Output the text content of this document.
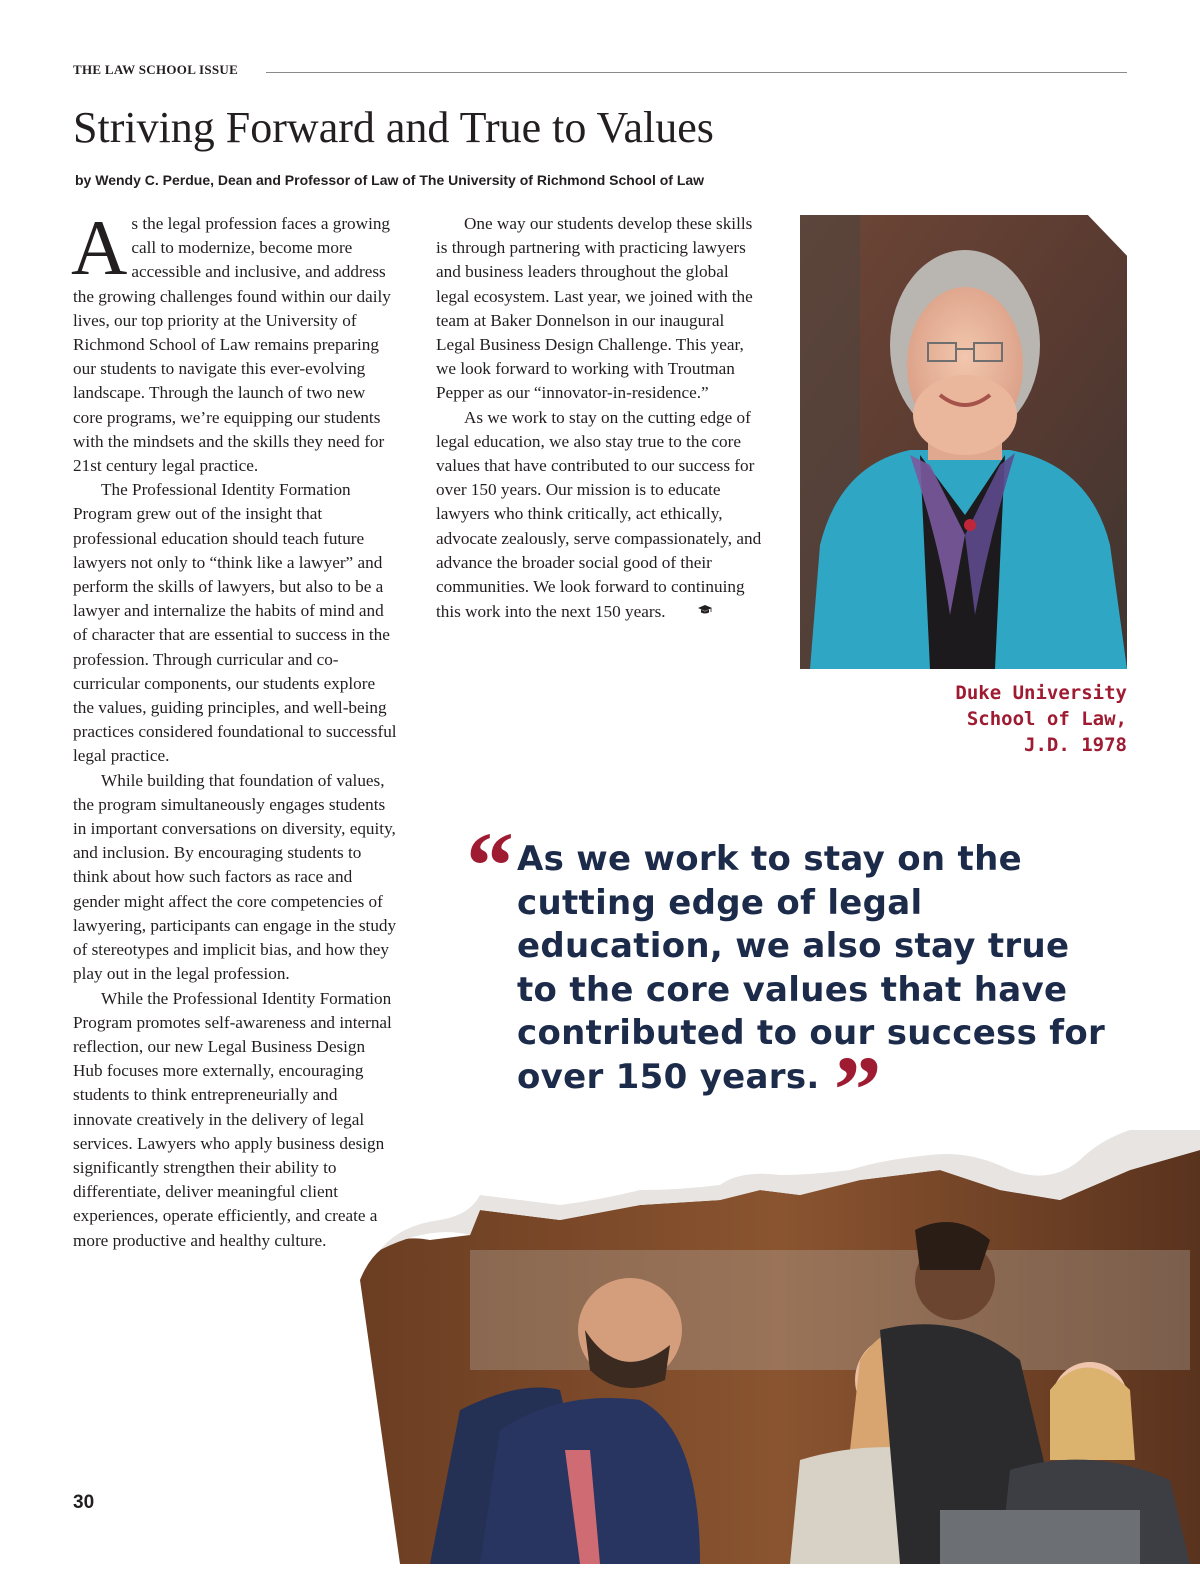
THE LAW SCHOOL ISSUE
Striving Forward and True to Values
by Wendy C. Perdue, Dean and Professor of Law of The University of Richmond School of Law

As the legal profession faces a growing call to modernize, become more accessible and inclusive, and address the growing challenges found within our daily lives, our top priority at the University of Richmond School of Law remains preparing our students to navigate this ever-evolving landscape. Through the launch of two new core programs, we’re equipping our students with the mindsets and the skills they need for 21st century legal practice.

The Professional Identity Formation Program grew out of the insight that professional education should teach future lawyers not only to “think like a lawyer” and perform the skills of lawyers, but also to be a lawyer and internalize the habits of mind and of character that are essential to success in the profession. Through curricular and co-curricular components, our students explore the values, guiding principles, and well-being practices considered foundational to successful legal practice.

While building that foundation of values, the program simultaneously engages students in important conversations on diversity, equity, and inclusion. By encouraging students to think about how such factors as race and gender might affect the core competencies of lawyering, participants can engage in the study of stereotypes and implicit bias, and how they play out in the legal profession.

While the Professional Identity Formation Program promotes self-awareness and internal reflection, our new Legal Business Design Hub focuses more externally, encouraging students to think entrepreneurially and innovate creatively in the delivery of legal services. Lawyers who apply business design significantly strengthen their ability to differentiate, deliver meaningful client experiences, operate efficiently, and create a more productive and healthy culture.

One way our students develop these skills is through partnering with practicing lawyers and business leaders throughout the global legal ecosystem. Last year, we joined with the team at Baker Donnelson in our inaugural Legal Business Design Challenge. This year, we look forward to working with Troutman Pepper as our “innovator-in-residence.”

As we work to stay on the cutting edge of legal education, we also stay true to the core values that have contributed to our success for over 150 years. Our mission is to educate lawyers who think critically, act ethically, advocate zealously, serve compassionately, and advance the broader social good of their communities. We look forward to continuing this work into the next 150 years.

Duke University
School of Law,
J.D. 1978
“ As we work to stay on the cutting edge of legal education, we also stay true to the core values that have contributed to our success for over 150 years. ”
30
